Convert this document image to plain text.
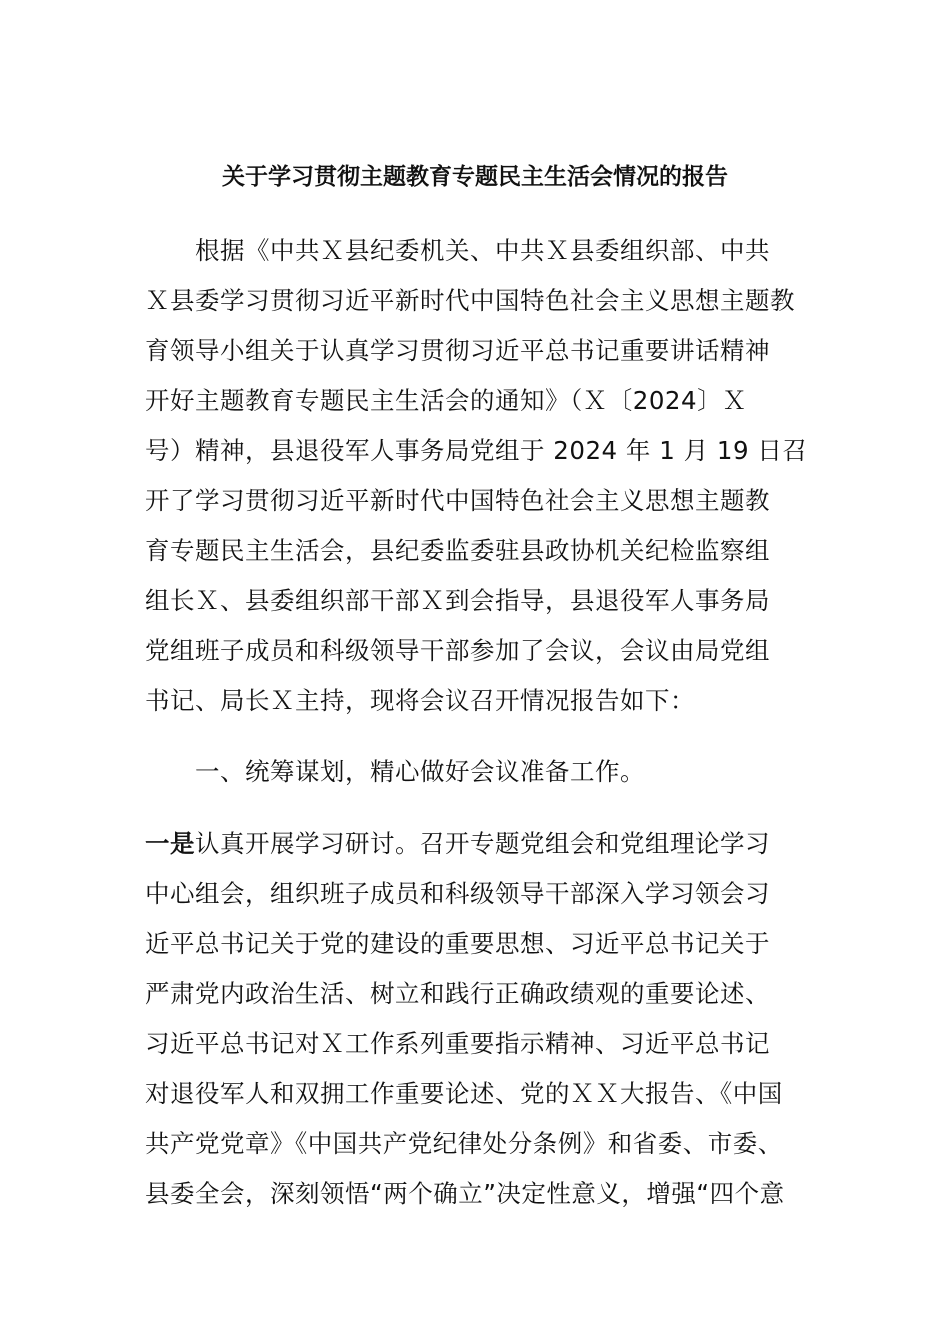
关于学习贯彻主题教育专题民主生活会情况的报告
根据《中共Ｘ县纪委机关、中共Ｘ县委组织部、中共
Ｘ县委学习贯彻习近平新时代中国特色社会主义思想主题教
育领导小组关于认真学习贯彻习近平总书记重要讲话精神
开好主题教育专题民主生活会的通知》（Ｘ〔2024〕Ｘ
号）精神，县退役军人事务局党组于 2024 年 1 月 19 日召
开了学习贯彻习近平新时代中国特色社会主义思想主题教
育专题民主生活会，县纪委监委驻县政协机关纪检监察组
组长Ｘ、县委组织部干部Ｘ到会指导，县退役军人事务局
党组班子成员和科级领导干部参加了会议，会议由局党组
书记、局长Ｘ主持，现将会议召开情况报告如下：
一、统筹谋划，精心做好会议准备工作。
一是认真开展学习研讨。召开专题党组会和党组理论学习
中心组会，组织班子成员和科级领导干部深入学习领会习
近平总书记关于党的建设的重要思想、习近平总书记关于
严肃党内政治生活、树立和践行正确政绩观的重要论述、
习近平总书记对Ｘ工作系列重要指示精神、习近平总书记
对退役军人和双拥工作重要论述、党的ＸＸ大报告、《中国
共产党党章》《中国共产党纪律处分条例》和省委、市委、
县委全会，深刻领悟“两个确立”决定性意义，增强“四个意
